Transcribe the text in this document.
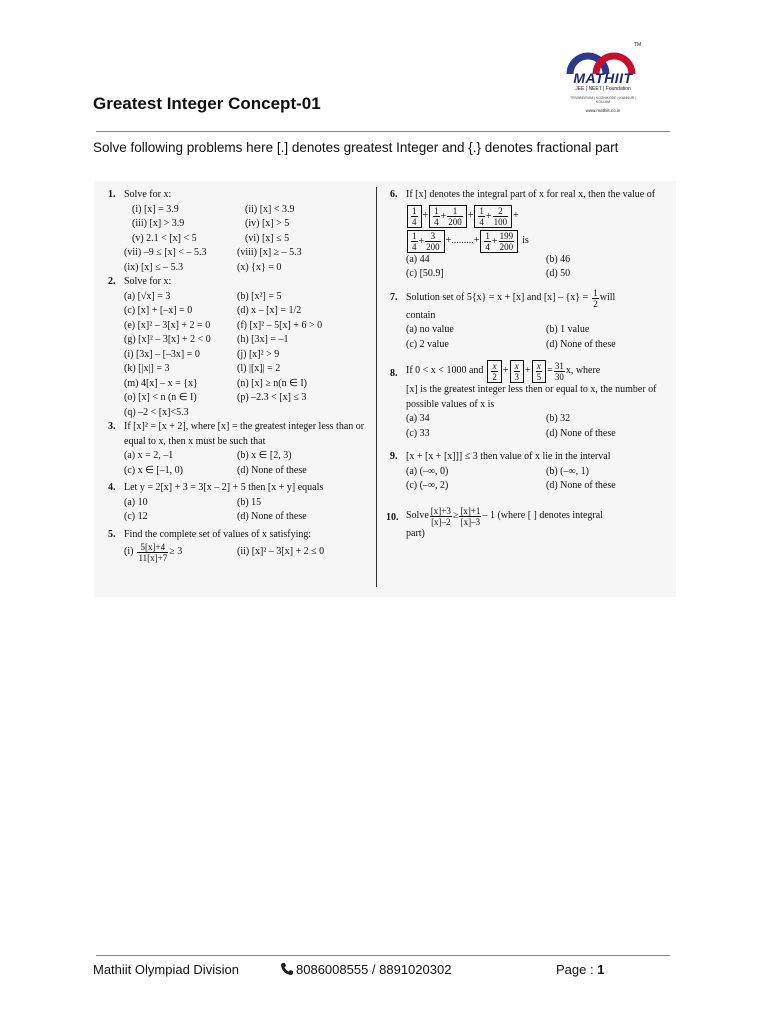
Greatest Integer Concept-01
TM
MATHIIT
JEE | NEET | Foundation
TRIVANDRUM | KOZHIKODE | KANNUR | KOLLAM
www.mathiit.co.in
Solve following problems here [.] denotes greatest Integer and {.} denotes fractional part
1. Solve for x:
(i) [x] = 3.9	(ii) [x] < 3.9
(iii) [x] > 3.9	(iv) [x] > 5
(v) 2.1 < [x] < 5	(vi) [x] ≤ 5
(vii) –9 ≤ [x] < – 5.3	(viii) [x] ≥ – 5.3
(ix) [x] ≤ – 5.3	(x) {x} = 0
2. Solve for x:
(a) [√x] = 3	(b) [x²] = 5
(c) [x] + [–x] = 0	(d) x – [x] = 1/2
(e) [x]² – 3[x] + 2 = 0	(f) [x]² – 5[x] + 6 > 0
(g) [x]² – 3[x] + 2 < 0	(h) [3x] = –1
(i) [3x] – [–3x] = 0	(j) [x]² > 9
(k) [|x|] = 3	(l) |[x]| = 2
(m) 4[x] – x = {x}	(n) [x] ≥ n(n ∈ I)
(o) [x] < n (n ∈ I)	(p) –2.3 < [x] ≤ 3
(q) –2 < [x]<5.3
3. If [x]² = [x + 2], where [x] = the greatest integer less than or equal to x, then x must be such that
(a) x = 2, –1	(b) x ∈ [2, 3)
(c) x ∈ [–1, 0)	(d) None of these
4. Let y = 2[x] + 3 = 3[x – 2] + 5 then [x + y] equals
(a) 10	(b) 15
(c) 12	(d) None of these
5. Find the complete set of values of x satisfying:
$(i) \frac{5[x]+4}{11[x]+7} \ge 3$	(ii) [x]² – 3[x] + 2 ≤ 0
6. If [x] denotes the integral part of x for real x, then the value of
$\frac{1}{4} + \frac{1}{4} + \frac{1}{200} + \frac{1}{4} + \frac{2}{100}$ +
$\frac{1}{4} + \frac{3}{200}$ +.........+ $\frac{1}{4} + \frac{199}{200}$ is
(a) 44	(b) 46
(c) [50.9]	(d) 50
7. Solution set of 5{x} = x + [x] and $[x] - \{x\} = \frac{1}{2}$ will
contain
(a) no value	(b) 1 value
(c) 2 value	(d) None of these
8. If 0 < x < 1000 and $\frac{x}{2} + \frac{x}{3} + \frac{x}{5} = \frac{31}{30} x$, where
[x] is the greatest integer less then or equal to x, the number of possible values of x is
(a) 34	(b) 32
(c) 33	(d) None of these
9. [x + [x + [x]]] ≤ 3 then value of x lie in the interval
(a) (–∞, 0)	(b) (–∞, 1)
(c) (–∞, 2)	(d) None of these
10. Solve $\frac{[x]+3}{[x]-2} \ge \frac{[x]+1}{[x]-3} - 1$ (where [ ] denotes integral
part)
Mathiit Olympiad Division	8086008555 / 8891020302	Page : 1
